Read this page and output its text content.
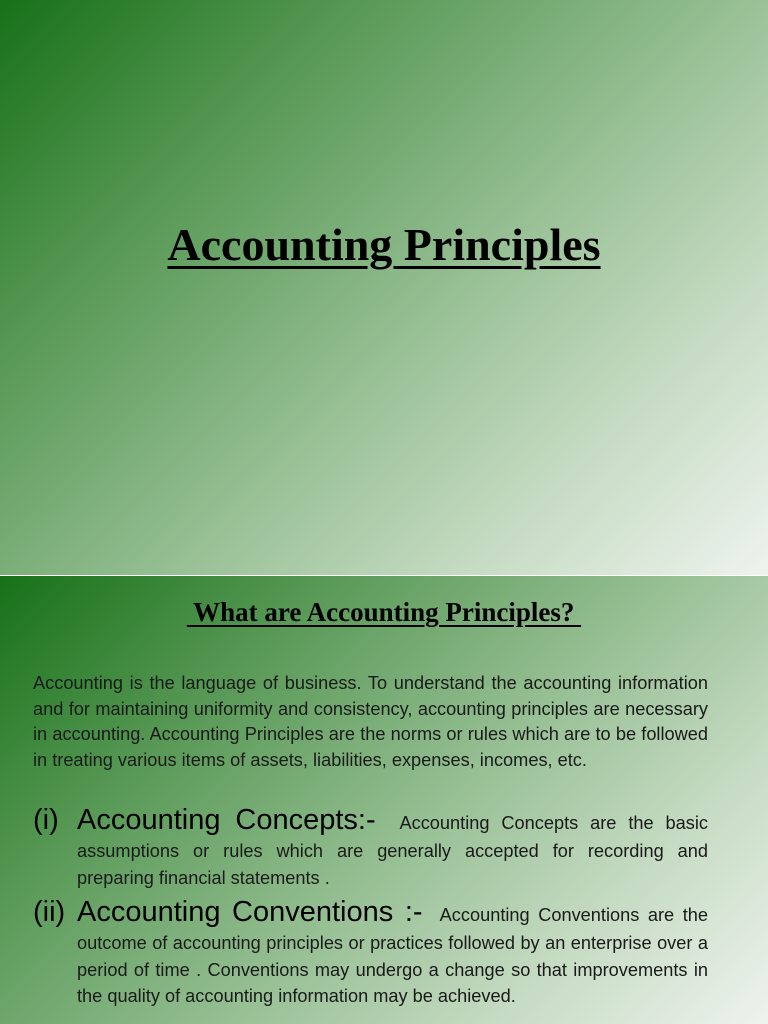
Accounting Principles
What are Accounting Principles?

Accounting is the language of business. To understand the accounting information and for maintaining uniformity and consistency, accounting principles are necessary in accounting. Accounting Principles are the norms or rules which are to be followed in treating various items of assets, liabilities, expenses, incomes, etc.

(i) Accounting Concepts:- Accounting Concepts are the basic assumptions or rules which are generally accepted for recording and preparing financial statements .
(ii) Accounting Conventions :- Accounting Conventions are the outcome of accounting principles or practices followed by an enterprise over a period of time . Conventions may undergo a change so that improvements in the quality of accounting information may be achieved.
